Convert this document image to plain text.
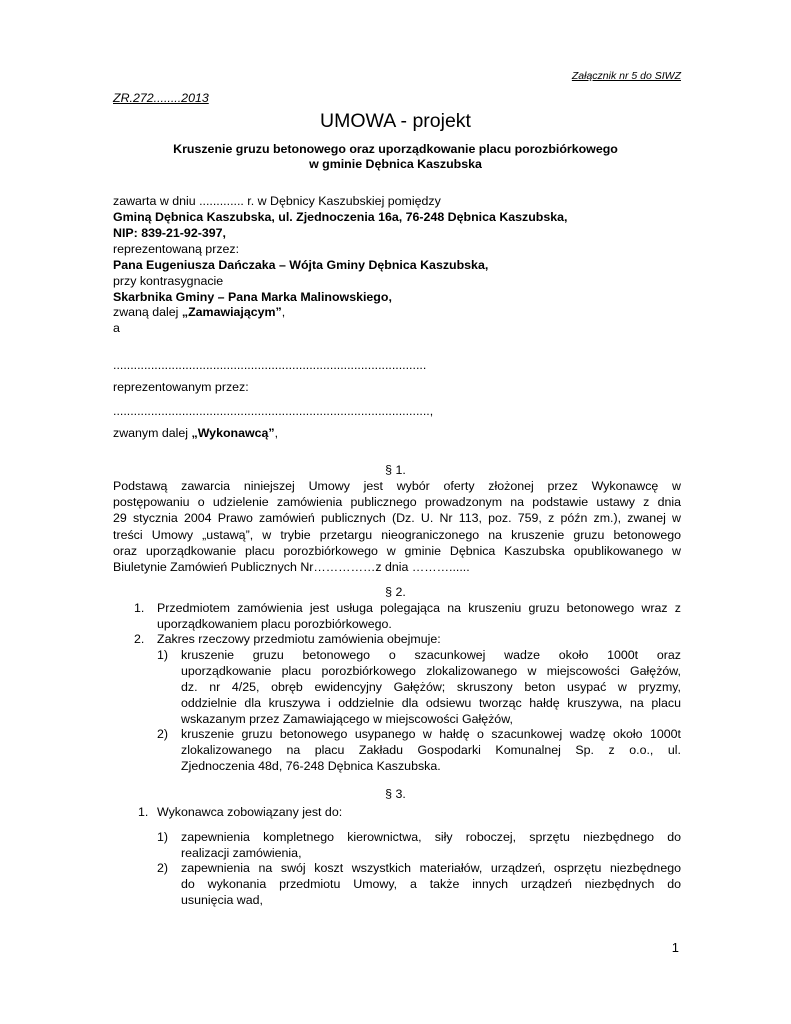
Załącznik nr 5 do SIWZ
ZR.272........2013
UMOWA - projekt
Kruszenie gruzu betonowego oraz uporządkowanie placu porozbiórkowego
w gminie Dębnica Kaszubska
zawarta w dniu ............. r. w Dębnicy Kaszubskiej pomiędzy
Gminą Dębnica Kaszubska, ul. Zjednoczenia 16a, 76-248 Dębnica Kaszubska,
NIP: 839-21-92-397,
reprezentowaną przez:
Pana Eugeniusza Dańczaka – Wójta Gminy Dębnica Kaszubska,
przy kontrasygnacie
Skarbnika Gminy – Pana Marka Malinowskiego,
zwaną dalej „Zamawiającym”,
a
...........................................................................................
reprezentowanym przez:
............................................................................................,
zwanym dalej „Wykonawcą”,
§ 1.
Podstawą zawarcia niniejszej Umowy jest wybór oferty złożonej przez Wykonawcę w
postępowaniu o udzielenie zamówienia publicznego prowadzonym na podstawie ustawy z dnia
29 stycznia 2004 Prawo zamówień publicznych (Dz. U. Nr 113, poz. 759, z późn zm.), zwanej w
treści Umowy „ustawą”, w trybie przetargu nieograniczonego na kruszenie gruzu betonowego
oraz uporządkowanie placu porozbiórkowego w gminie Dębnica Kaszubska opublikowanego w
Biuletynie Zamówień Publicznych Nr……………z dnia ………......
§ 2.
1. Przedmiotem zamówienia jest usługa polegająca na kruszeniu gruzu betonowego wraz z
uporządkowaniem placu porozbiórkowego.
2. Zakres rzeczowy przedmiotu zamówienia obejmuje:
1) kruszenie gruzu betonowego o szacunkowej wadze około 1000t oraz
uporządkowanie placu porozbiórkowego zlokalizowanego w miejscowości Gałężów,
dz. nr 4/25, obręb ewidencyjny Gałężów; skruszony beton usypać w pryzmy,
oddzielnie dla kruszywa i oddzielnie dla odsiewu tworząc hałdę kruszywa, na placu
wskazanym przez Zamawiającego w miejscowości Gałężów,
2) kruszenie gruzu betonowego usypanego w hałdę o szacunkowej wadzę około 1000t
zlokalizowanego na placu Zakładu Gospodarki Komunalnej Sp. z o.o., ul.
Zjednoczenia 48d, 76-248 Dębnica Kaszubska.
§ 3.
1. Wykonawca zobowiązany jest do:
1) zapewnienia kompletnego kierownictwa, siły roboczej, sprzętu niezbędnego do
realizacji zamówienia,
2) zapewnienia na swój koszt wszystkich materiałów, urządzeń, osprzętu niezbędnego
do wykonania przedmiotu Umowy, a także innych urządzeń niezbędnych do
usunięcia wad,
1
